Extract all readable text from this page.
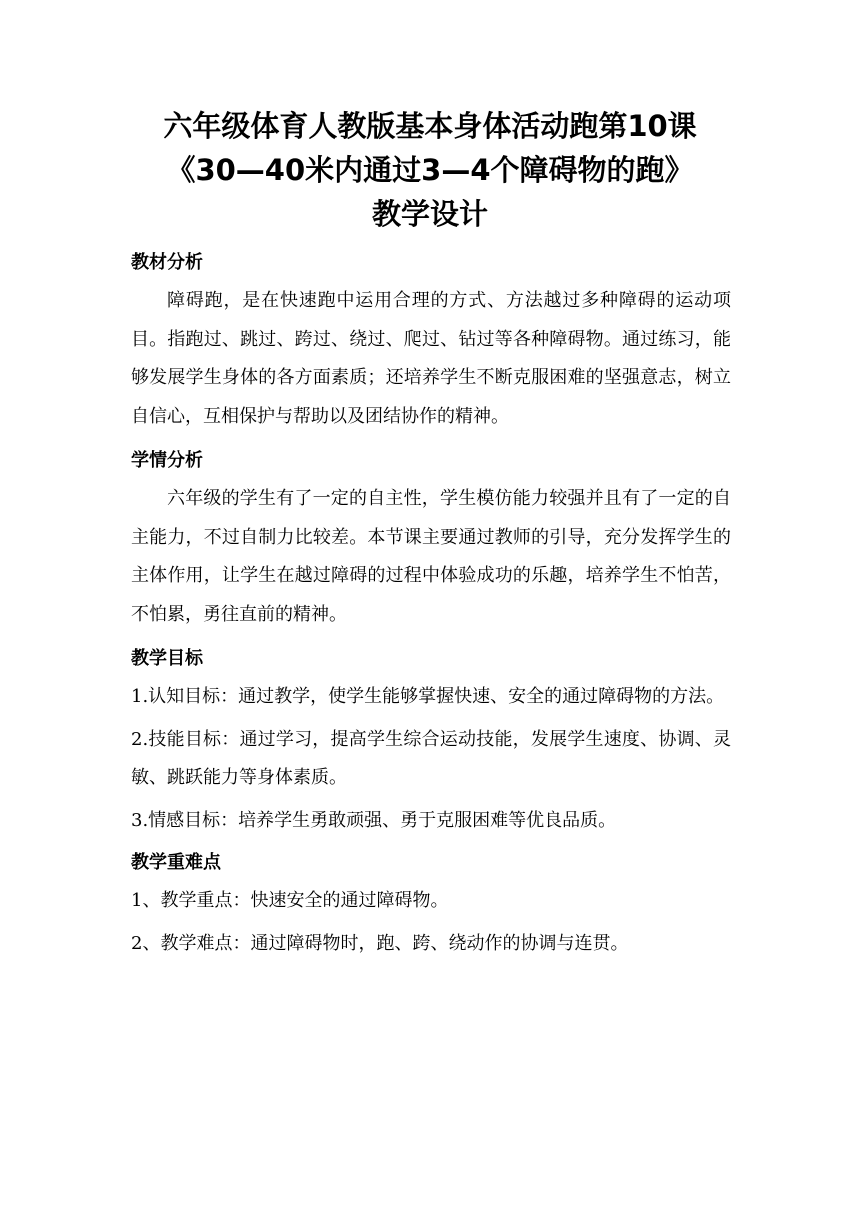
六年级体育人教版基本身体活动跑第10课
《30—40米内通过3—4个障碍物的跑》
教学设计
教材分析

障碍跑，是在快速跑中运用合理的方式、方法越过多种障碍的运动项目。指跑过、跳过、跨过、绕过、爬过、钻过等各种障碍物。通过练习，能够发展学生身体的各方面素质；还培养学生不断克服困难的坚强意志，树立自信心，互相保护与帮助以及团结协作的精神。

学情分析

六年级的学生有了一定的自主性，学生模仿能力较强并且有了一定的自主能力，不过自制力比较差。本节课主要通过教师的引导，充分发挥学生的主体作用，让学生在越过障碍的过程中体验成功的乐趣，培养学生不怕苦，不怕累，勇往直前的精神。

教学目标

1.认知目标：通过教学，使学生能够掌握快速、安全的通过障碍物的方法。

2.技能目标：通过学习，提高学生综合运动技能，发展学生速度、协调、灵敏、跳跃能力等身体素质。

3.情感目标：培养学生勇敢顽强、勇于克服困难等优良品质。

教学重难点

1、教学重点：快速安全的通过障碍物。

2、教学难点：通过障碍物时，跑、跨、绕动作的协调与连贯。
